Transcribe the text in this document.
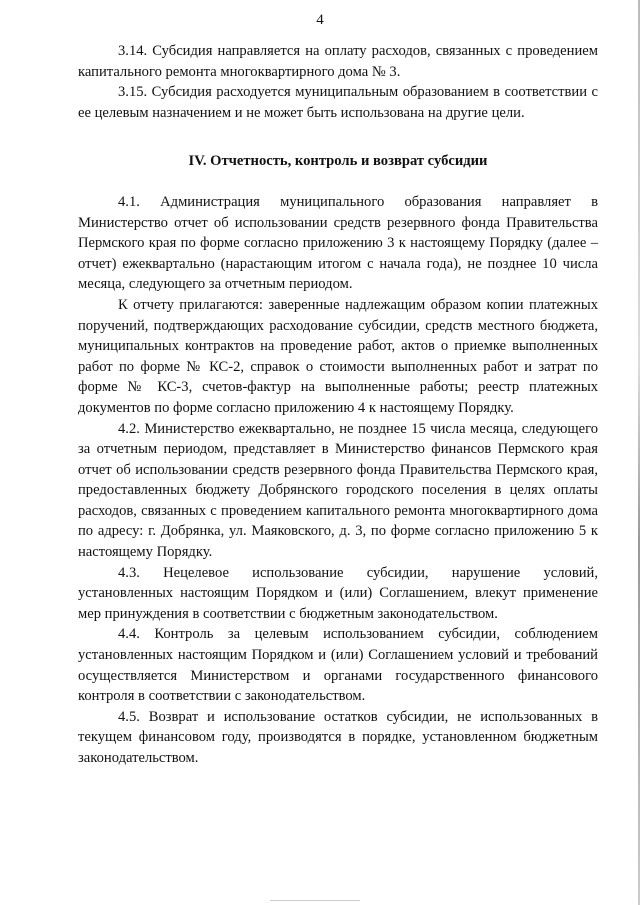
4

3.14. Субсидия направляется на оплату расходов, связанных с проведением капитального ремонта многоквартирного дома № 3.

3.15. Субсидия расходуется муниципальным образованием в соответствии с ее целевым назначением и не может быть использована на другие цели.

IV. Отчетность, контроль и возврат субсидии

4.1. Администрация муниципального образования направляет в Министерство отчет об использовании средств резервного фонда Правительства Пермского края по форме согласно приложению 3 к настоящему Порядку (далее – отчет) ежеквартально (нарастающим итогом с начала года), не позднее 10 числа месяца, следующего за отчетным периодом.

К отчету прилагаются: заверенные надлежащим образом копии платежных поручений, подтверждающих расходование субсидии, средств местного бюджета, муниципальных контрактов на проведение работ, актов о приемке выполненных работ по форме № КС-2, справок о стоимости выполненных работ и затрат по форме № КС-3, счетов-фактур на выполненные работы; реестр платежных документов по форме согласно приложению 4 к настоящему Порядку.

4.2. Министерство ежеквартально, не позднее 15 числа месяца, следующего за отчетным периодом, представляет в Министерство финансов Пермского края отчет об использовании средств резервного фонда Правительства Пермского края, предоставленных бюджету Добрянского городского поселения в целях оплаты расходов, связанных с проведением капитального ремонта многоквартирного дома по адресу: г. Добрянка, ул. Маяковского, д. 3, по форме согласно приложению 5 к настоящему Порядку.

4.3. Нецелевое использование субсидии, нарушение условий, установленных настоящим Порядком и (или) Соглашением, влекут применение мер принуждения в соответствии с бюджетным законодательством.

4.4. Контроль за целевым использованием субсидии, соблюдением установленных настоящим Порядком и (или) Соглашением условий и требований осуществляется Министерством и органами государственного финансового контроля в соответствии с законодательством.

4.5. Возврат и использование остатков субсидии, не использованных в текущем финансовом году, производятся в порядке, установленном бюджетным законодательством.
